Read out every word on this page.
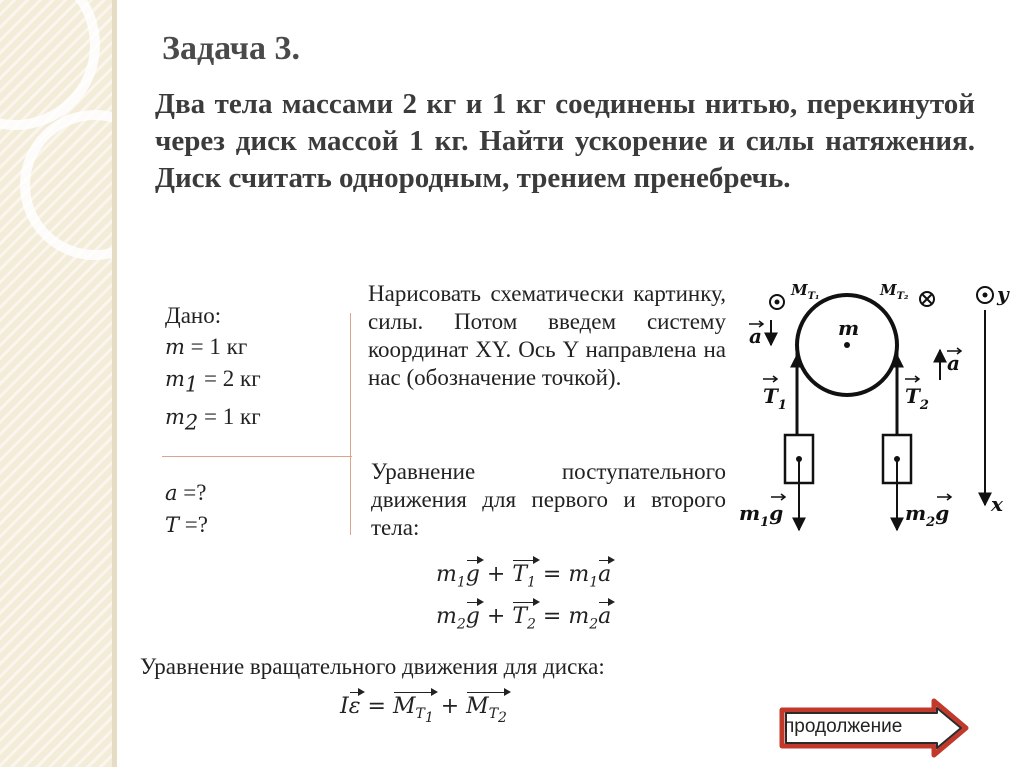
Задача 3.

Два тела массами 2 кг и 1 кг соединены нитью, перекинутой через диск массой 1 кг. Найти ускорение и силы натяжения. Диск считать однородным, трением пренебречь.

Дано:
m = 1 кг
$m_1 = 2$ кг
$m_2 = 1$ кг
a =?
T =?

Нарисовать схематически картинку, силы. Потом введем систему координат XY. Ось Y направлена на нас (обозначение точкой).

Уравнение поступательного движения для первого и второго тела:

$m_1g + T_1 = m_1a$
$m_2g + T_2 = m_2a$

Уравнение вращательного движения для диска:

$I\varepsilon = M_{T_1} + M_{T_2}$
m
$M_{T_1}$	$M_{T_2}$
a
a
$T_1$	$T_2$
$m_1g$	$m_2g$
y
x
продолжение
